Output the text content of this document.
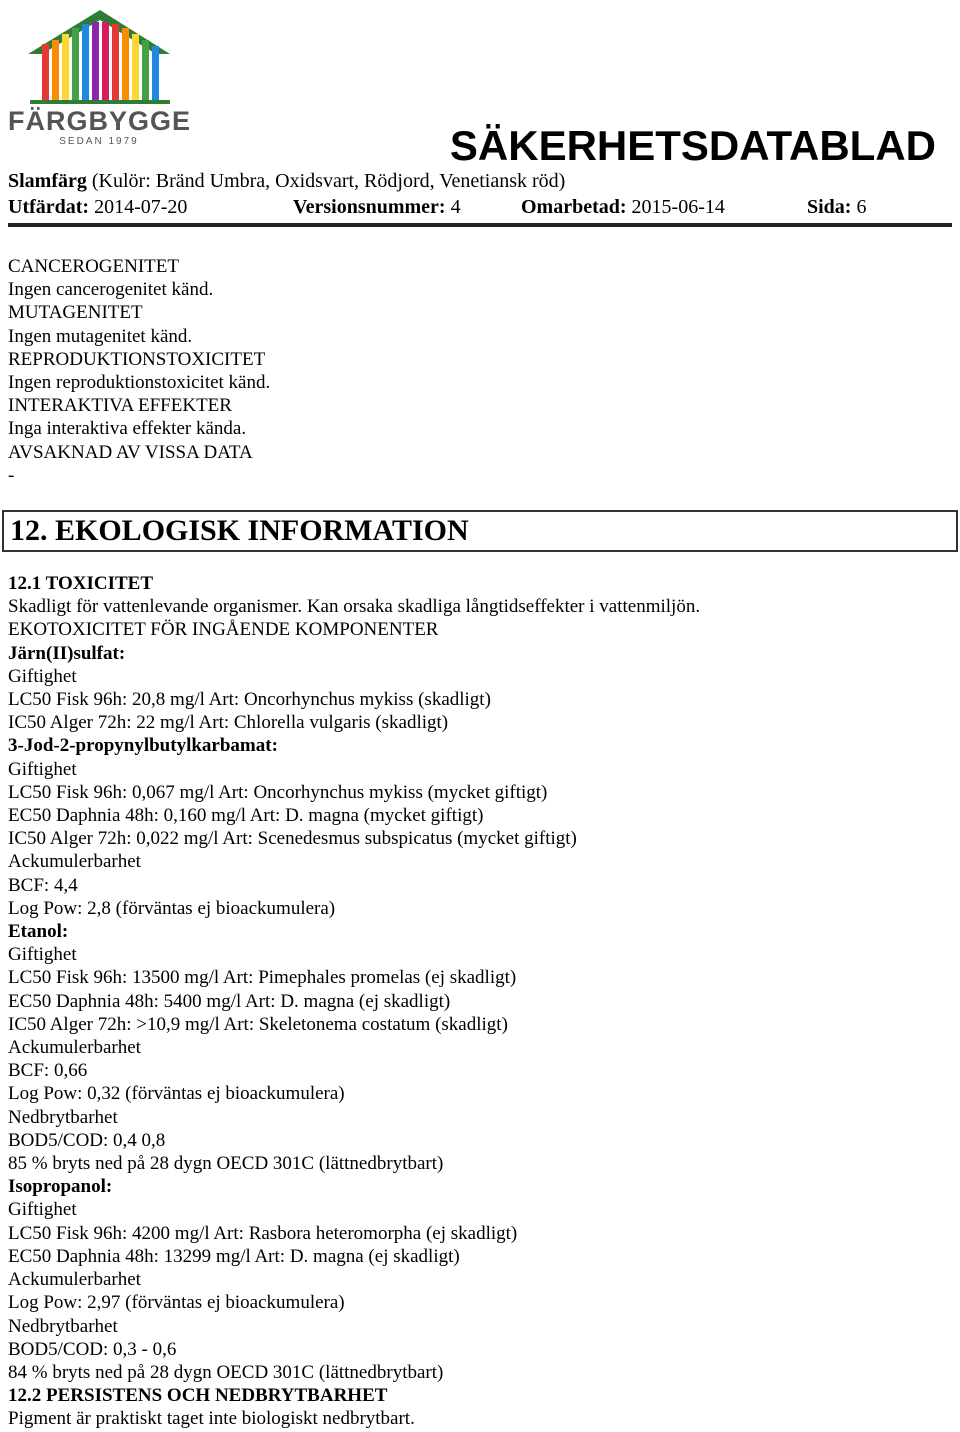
FÄRGBYGGE
SEDAN 1979	SÄKERHETSDATABLAD
Slamfärg (Kulör: Bränd Umbra, Oxidsvart, Rödjord, Venetiansk röd)
Utfärdat: 2014-07-20	Versionsnummer: 4	Omarbetad: 2015-06-14	Sida: 6

CANCEROGENITET

Ingen cancerogenitet känd.

MUTAGENITET

Ingen mutagenitet känd.

REPRODUKTIONSTOXICITET

Ingen reproduktionstoxicitet känd.

INTERAKTIVA EFFEKTER

Inga interaktiva effekter kända.

AVSAKNAD AV VISSA DATA

-

12. EKOLOGISK INFORMATION

12.1 TOXICITET

Skadligt för vattenlevande organismer. Kan orsaka skadliga långtidseffekter i vattenmiljön.

EKOTOXICITET FÖR INGÅENDE KOMPONENTER

Järn(II)sulfat:

Giftighet

LC50 Fisk 96h: 20,8 mg/l Art: Oncorhynchus mykiss (skadligt)

IC50 Alger 72h: 22 mg/l Art: Chlorella vulgaris (skadligt)

3-Jod-2-propynylbutylkarbamat:

Giftighet

LC50 Fisk 96h: 0,067 mg/l Art: Oncorhynchus mykiss (mycket giftigt)

EC50 Daphnia 48h: 0,160 mg/l Art: D. magna (mycket giftigt)

IC50 Alger 72h: 0,022 mg/l Art: Scenedesmus subspicatus (mycket giftigt)

Ackumulerbarhet

BCF: 4,4

Log Pow: 2,8 (förväntas ej bioackumulera)

Etanol:

Giftighet

LC50 Fisk 96h: 13500 mg/l Art: Pimephales promelas (ej skadligt)

EC50 Daphnia 48h: 5400 mg/l Art: D. magna (ej skadligt)

IC50 Alger 72h: >10,9 mg/l Art: Skeletonema costatum (skadligt)

Ackumulerbarhet

BCF: 0,66

Log Pow: 0,32 (förväntas ej bioackumulera)

Nedbrytbarhet

BOD5/COD: 0,4 0,8

85 % bryts ned på 28 dygn OECD 301C (lättnedbrytbart)

Isopropanol:

Giftighet

LC50 Fisk 96h: 4200 mg/l Art: Rasbora heteromorpha (ej skadligt)

EC50 Daphnia 48h: 13299 mg/l Art: D. magna (ej skadligt)

Ackumulerbarhet

Log Pow: 2,97 (förväntas ej bioackumulera)

Nedbrytbarhet

BOD5/COD: 0,3 - 0,6

84 % bryts ned på 28 dygn OECD 301C (lättnedbrytbart)

12.2 PERSISTENS OCH NEDBRYTBARHET

Pigment är praktiskt taget inte biologiskt nedbrytbart.
